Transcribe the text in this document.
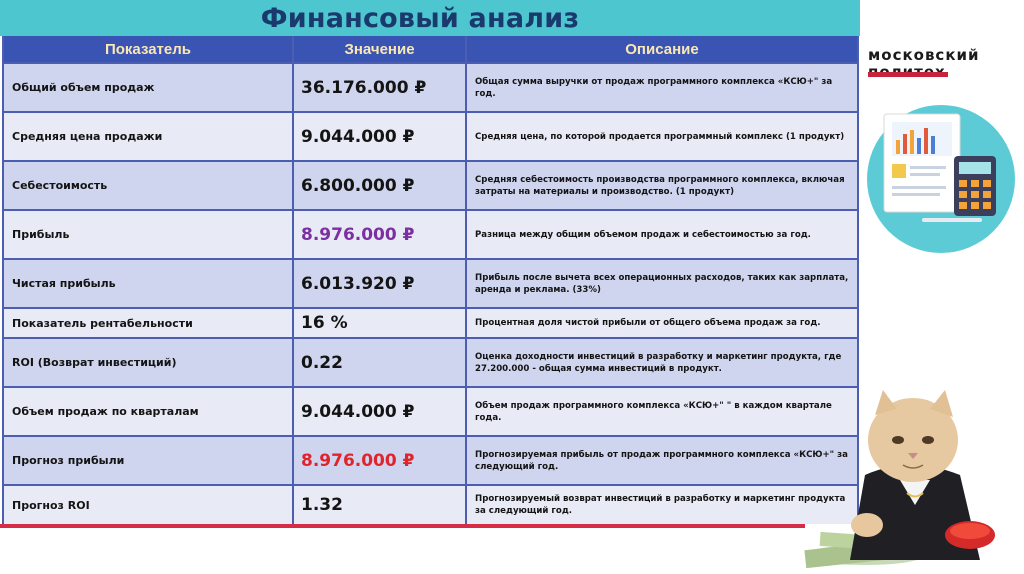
Финансовый анализ
Показатель	Значение	Описание
Общий объем продаж	36.176.000 ₽	Общая сумма выручки от продаж программного комплекса «КСЮ+" за год.
Средняя цена продажи	9.044.000 ₽	Средняя цена, по которой продается программный комплекс (1 продукт)
Себестоимость	6.800.000 ₽	Средняя себестоимость производства программного комплекса, включая затраты на материалы и производство. (1 продукт)
Прибыль	8.976.000 ₽	Разница между общим объемом продаж и себестоимостью за год.
Чистая прибыль	6.013.920 ₽	Прибыль после вычета всех операционных расходов, таких как зарплата, аренда и реклама. (33%)
Показатель рентабельности	16 %	Процентная доля чистой прибыли от общего объема продаж за год.
ROI (Возврат инвестиций)	0.22	Оценка доходности инвестиций в разработку и маркетинг продукта, где 27.200.000 - общая сумма инвестиций в продукт.
Объем продаж по кварталам	9.044.000 ₽	Объем продаж программного комплекса «КСЮ+" " в каждом квартале года.
Прогноз прибыли	8.976.000 ₽	Прогнозируемая прибыль от продаж программного комплекса «КСЮ+" за следующий год.
Прогноз ROI	1.32	Прогнозируемый возврат инвестиций в разработку и маркетинг продукта за следующий год.
московский
